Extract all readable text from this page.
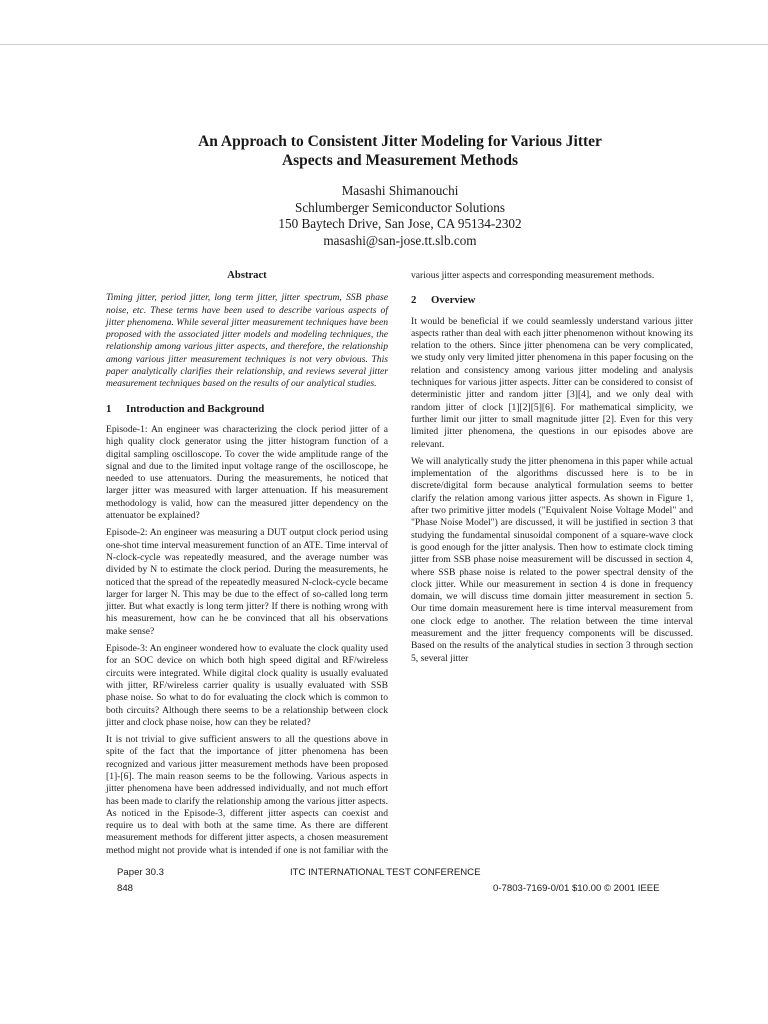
An Approach to Consistent Jitter Modeling for Various Jitter
Aspects and Measurement Methods
Masashi Shimanouchi
Schlumberger Semiconductor Solutions
150 Baytech Drive, San Jose, CA 95134-2302
masashi@san-jose.tt.slb.com
Abstract

Timing jitter, period jitter, long term jitter, jitter spectrum, SSB phase noise, etc. These terms have been used to describe various aspects of jitter phenomena. While several jitter measurement techniques have been proposed with the associated jitter models and modeling techniques, the relationship among various jitter aspects, and therefore, the relationship among various jitter measurement techniques is not very obvious. This paper analytically clarifies their relationship, and reviews several jitter measurement techniques based on the results of our analytical studies.

1 Introduction and Background

Episode-1: An engineer was characterizing the clock period jitter of a high quality clock generator using the jitter histogram function of a digital sampling oscilloscope. To cover the wide amplitude range of the signal and due to the limited input voltage range of the oscilloscope, he needed to use attenuators. During the measurements, he noticed that larger jitter was measured with larger attenuation. If his measurement methodology is valid, how can the measured jitter dependency on the attenuator be explained?

Episode-2: An engineer was measuring a DUT output clock period using one-shot time interval measurement function of an ATE. Time interval of N-clock-cycle was repeatedly measured, and the average number was divided by N to estimate the clock period. During the measurements, he noticed that the spread of the repeatedly measured N-clock-cycle became larger for larger N. This may be due to the effect of so-called long term jitter. But what exactly is long term jitter? If there is nothing wrong with his measurement, how can he be convinced that all his observations make sense?

Episode-3: An engineer wondered how to evaluate the clock quality used for an SOC device on which both high speed digital and RF/wireless circuits were integrated. While digital clock quality is usually evaluated with jitter, RF/wireless carrier quality is usually evaluated with SSB phase noise. So what to do for evaluating the clock which is common to both circuits? Although there seems to be a relationship between clock jitter and clock phase noise, how can they be related?

It is not trivial to give sufficient answers to all the questions above in spite of the fact that the importance of jitter phenomena has been recognized and various jitter measurement methods have been proposed [1]-[6]. The main reason seems to be the following. Various aspects in jitter phenomena have been addressed individually, and not much effort has been made to clarify the relationship among the various jitter aspects. As noticed in the Episode-3, different jitter aspects can coexist and require us to deal with both at the same time. As there are different measurement methods for different jitter aspects, a chosen measurement method might not provide what is intended if one is not familiar with the

various jitter aspects and corresponding measurement methods.

2 Overview

It would be beneficial if we could seamlessly understand various jitter aspects rather than deal with each jitter phenomenon without knowing its relation to the others. Since jitter phenomena can be very complicated, we study only very limited jitter phenomena in this paper focusing on the relation and consistency among various jitter modeling and analysis techniques for various jitter aspects. Jitter can be considered to consist of deterministic jitter and random jitter [3][4], and we only deal with random jitter of clock [1][2][5][6]. For mathematical simplicity, we further limit our jitter to small magnitude jitter [2]. Even for this very limited jitter phenomena, the questions in our episodes above are relevant.

We will analytically study the jitter phenomena in this paper while actual implementation of the algorithms discussed here is to be in discrete/digital form because analytical formulation seems to better clarify the relation among various jitter aspects. As shown in Figure 1, after two primitive jitter models ("Equivalent Noise Voltage Model" and "Phase Noise Model") are discussed, it will be justified in section 3 that studying the fundamental sinusoidal component of a square-wave clock is good enough for the jitter analysis. Then how to estimate clock timing jitter from SSB phase noise measurement will be discussed in section 4, where SSB phase noise is related to the power spectral density of the clock jitter. While our measurement in section 4 is done in frequency domain, we will discuss time domain jitter measurement in section 5. Our time domain measurement here is time interval measurement from one clock edge to another. The relation between the time interval measurement and the jitter frequency components will be discussed. Based on the results of the analytical studies in section 3 through section 5, several jitter

Paper 30.3
848
ITC INTERNATIONAL TEST CONFERENCE
0-7803-7169-0/01 $10.00 © 2001 IEEE
